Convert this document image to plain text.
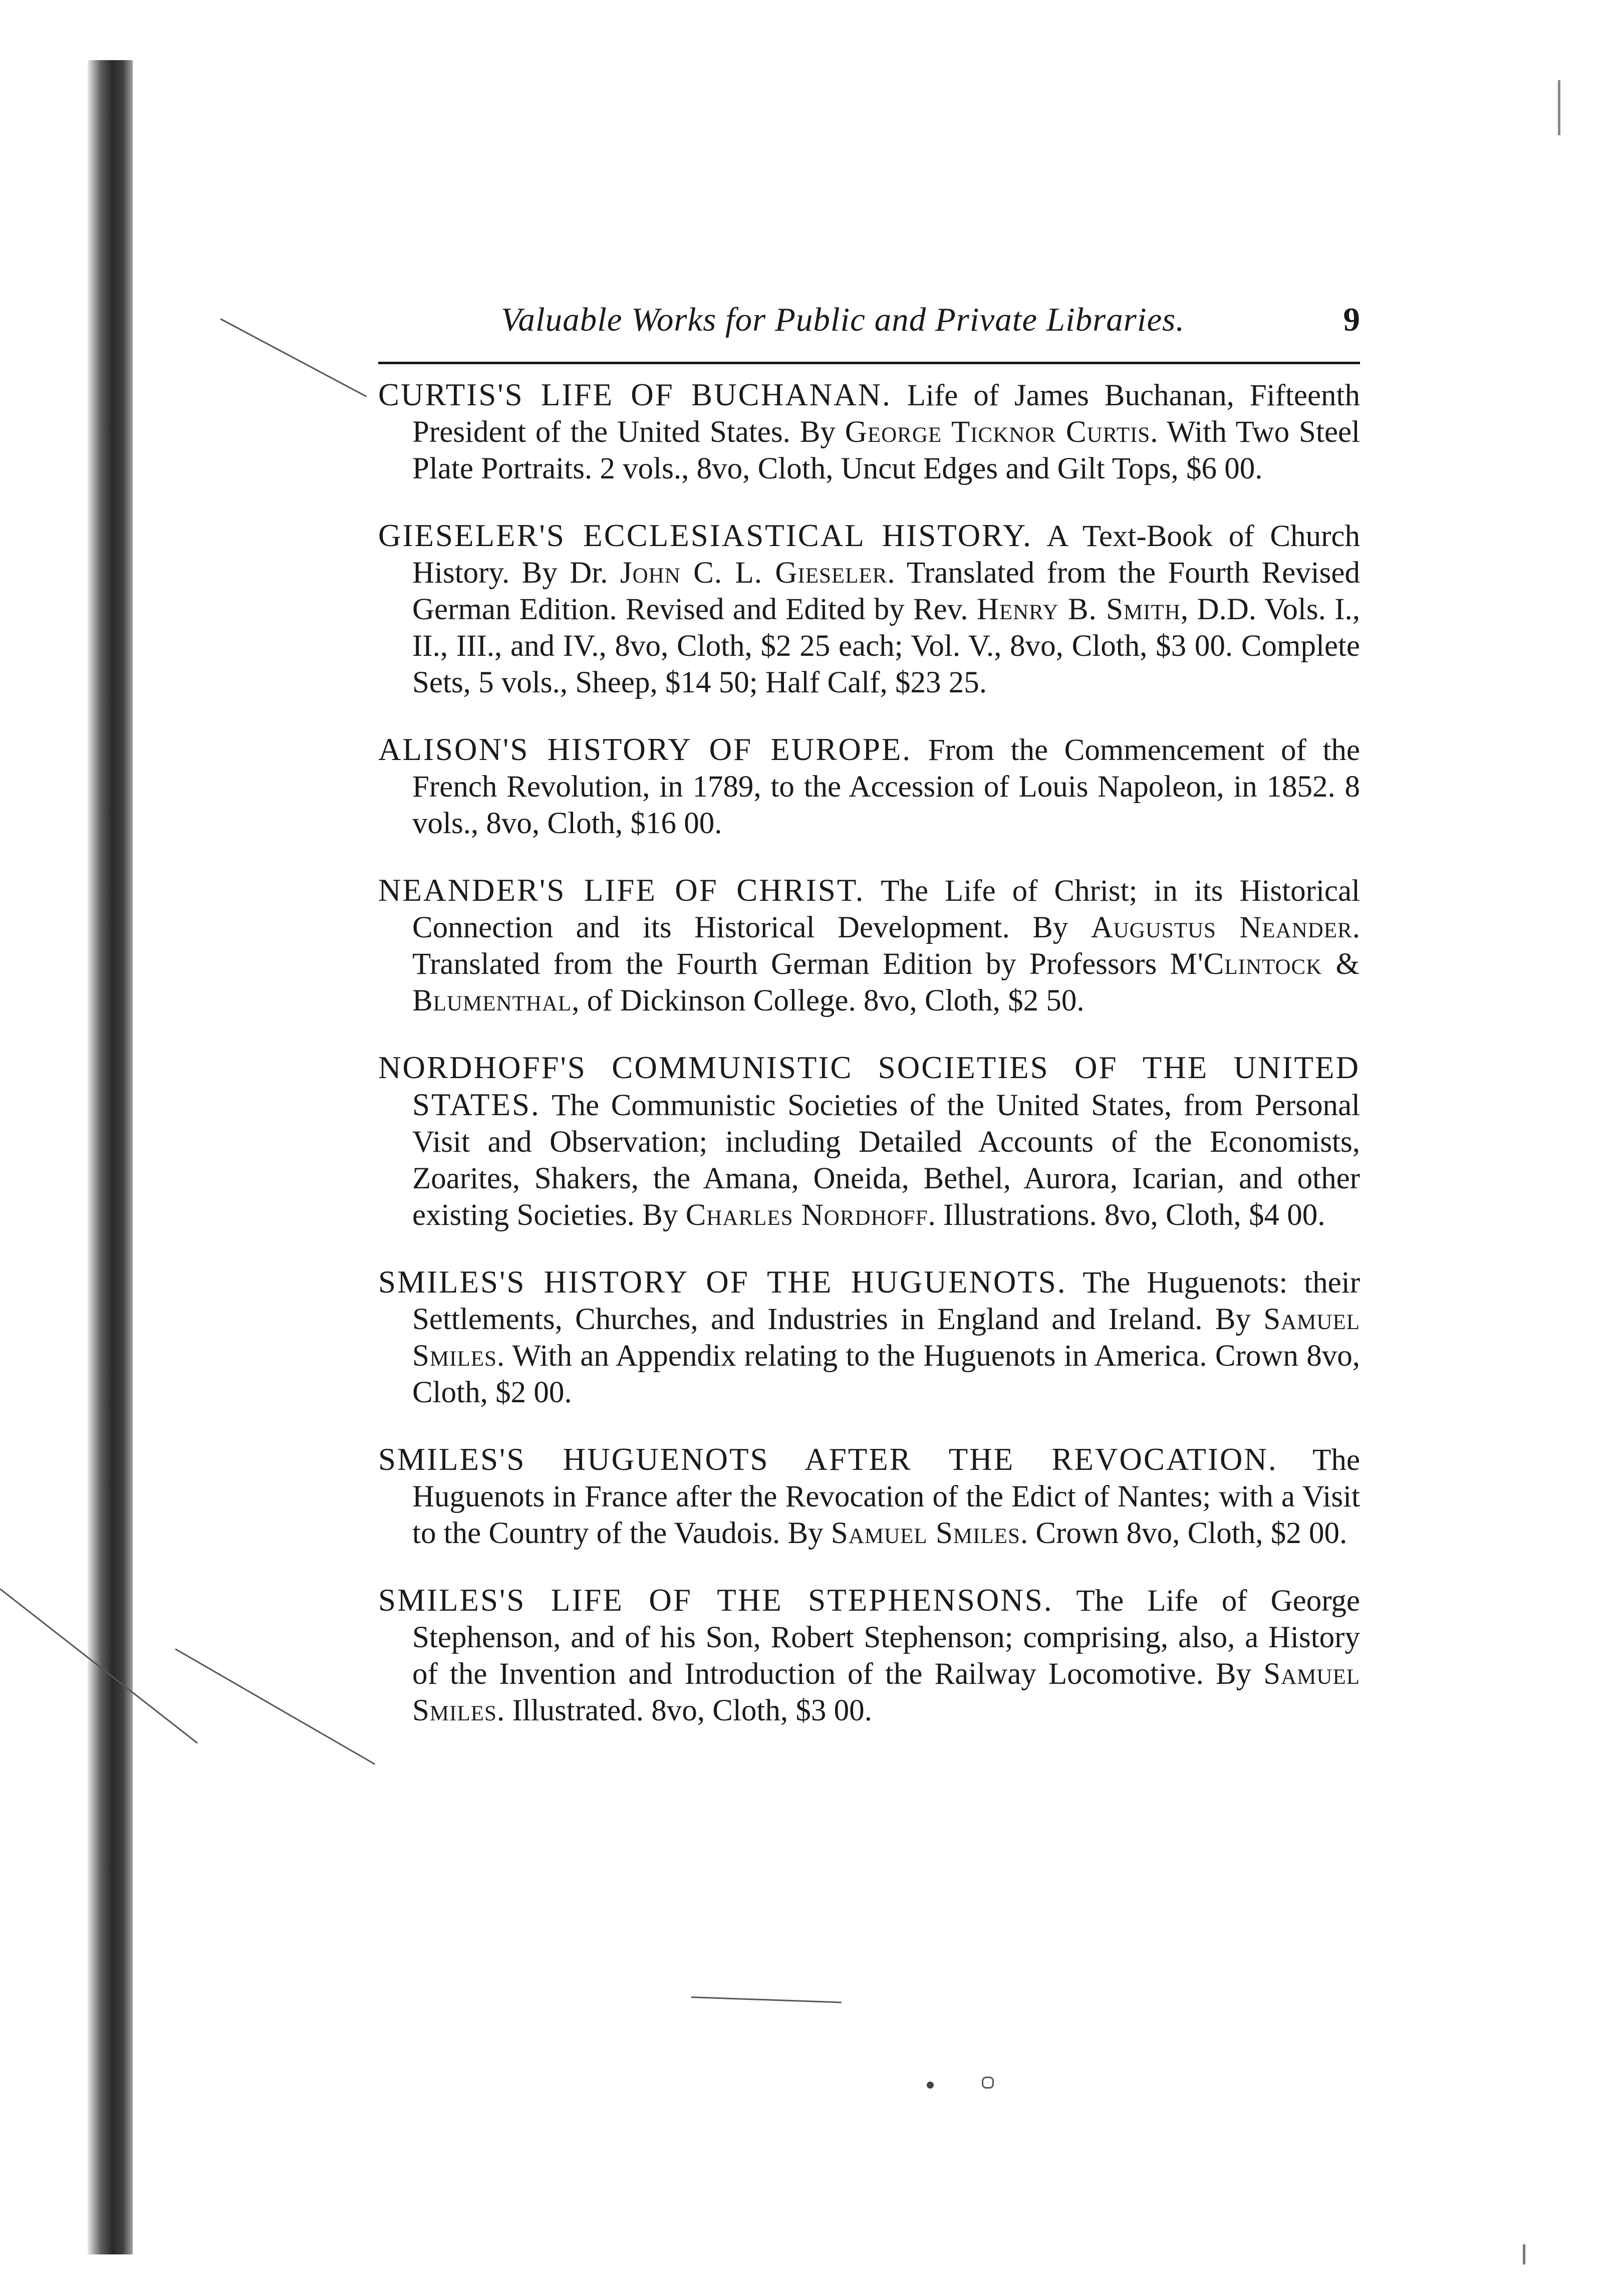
Valuable Works for Public and Private Libraries.	9

CURTIS'S LIFE OF BUCHANAN. Life of James Buchanan, Fifteenth President of the United States. By George Ticknor Curtis. With Two Steel Plate Portraits. 2 vols., 8vo, Cloth, Uncut Edges and Gilt Tops, $6 00.

GIESELER'S ECCLESIASTICAL HISTORY. A Text-Book of Church History. By Dr. John C. L. Gieseler. Translated from the Fourth Revised German Edition. Revised and Edited by Rev. Henry B. Smith, D.D. Vols. I., II., III., and IV., 8vo, Cloth, $2 25 each; Vol. V., 8vo, Cloth, $3 00. Complete Sets, 5 vols., Sheep, $14 50; Half Calf, $23 25.

ALISON'S HISTORY OF EUROPE. From the Commencement of the French Revolution, in 1789, to the Accession of Louis Napoleon, in 1852. 8 vols., 8vo, Cloth, $16 00.

NEANDER'S LIFE OF CHRIST. The Life of Christ; in its Historical Connection and its Historical Development. By Augustus Neander. Translated from the Fourth German Edition by Professors M'Clintock & Blumenthal, of Dickinson College. 8vo, Cloth, $2 50.

NORDHOFF'S COMMUNISTIC SOCIETIES OF THE UNITED STATES. The Communistic Societies of the United States, from Personal Visit and Observation; including Detailed Accounts of the Economists, Zoarites, Shakers, the Amana, Oneida, Bethel, Aurora, Icarian, and other existing Societies. By Charles Nordhoff. Illustrations. 8vo, Cloth, $4 00.

SMILES'S HISTORY OF THE HUGUENOTS. The Huguenots: their Settlements, Churches, and Industries in England and Ireland. By Samuel Smiles. With an Appendix relating to the Huguenots in America. Crown 8vo, Cloth, $2 00.

SMILES'S HUGUENOTS AFTER THE REVOCATION. The Huguenots in France after the Revocation of the Edict of Nantes; with a Visit to the Country of the Vaudois. By Samuel Smiles. Crown 8vo, Cloth, $2 00.

SMILES'S LIFE OF THE STEPHENSONS. The Life of George Stephenson, and of his Son, Robert Stephenson; comprising, also, a History of the Invention and Introduction of the Railway Locomotive. By Samuel Smiles. Illustrated. 8vo, Cloth, $3 00.
